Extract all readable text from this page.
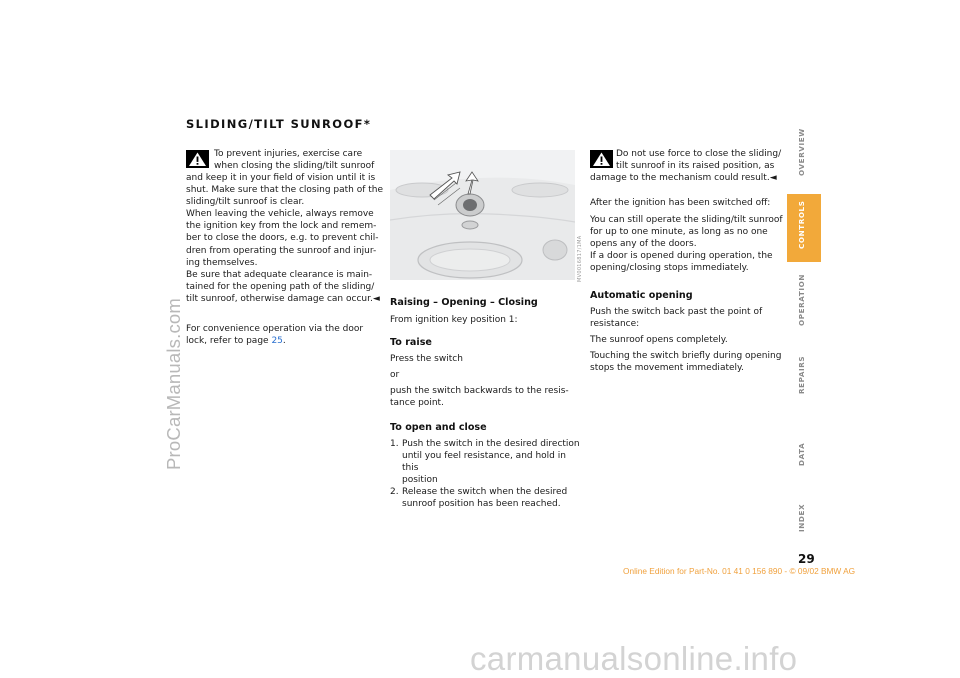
ProCarManuals.com
carmanualsonline.info
SLIDING/TILT SUNROOF*
To prevent injuries, exercise care
when closing the sliding/tilt sunroof
and keep it in your field of vision until it is
shut. Make sure that the closing path of the
sliding/tilt sunroof is clear.
When leaving the vehicle, always remove
the ignition key from the lock and remem-
ber to close the doors, e.g. to prevent chil-
dren from operating the sunroof and injur-
ing themselves.
Be sure that adequate clearance is main-
tained for the opening path of the sliding/
tilt sunroof, otherwise damage can occur.◄
For convenience operation via the door
lock, refer to page 25.
MV0016817/1MA
Raising – Opening – Closing
From ignition key position 1:
To raise
Press the switch
or
push the switch backwards to the resis-
tance point.
To open and close
1. Push the switch in the desired direction
until you feel resistance, and hold in this
position
2. Release the switch when the desired
sunroof position has been reached.
Do not use force to close the sliding/
tilt sunroof in its raised position, as
damage to the mechanism could result.◄
After the ignition has been switched off:
You can still operate the sliding/tilt sunroof
for up to one minute, as long as no one
opens any of the doors.
If a door is opened during operation, the
opening/closing stops immediately.
Automatic opening
Push the switch back past the point of
resistance:
The sunroof opens completely.
Touching the switch briefly during opening
stops the movement immediately.
OVERVIEW
CONTROLS
OPERATION
REPAIRS
DATA
INDEX
29
Online Edition for Part-No. 01 41 0 156 890 - © 09/02 BMW AG
